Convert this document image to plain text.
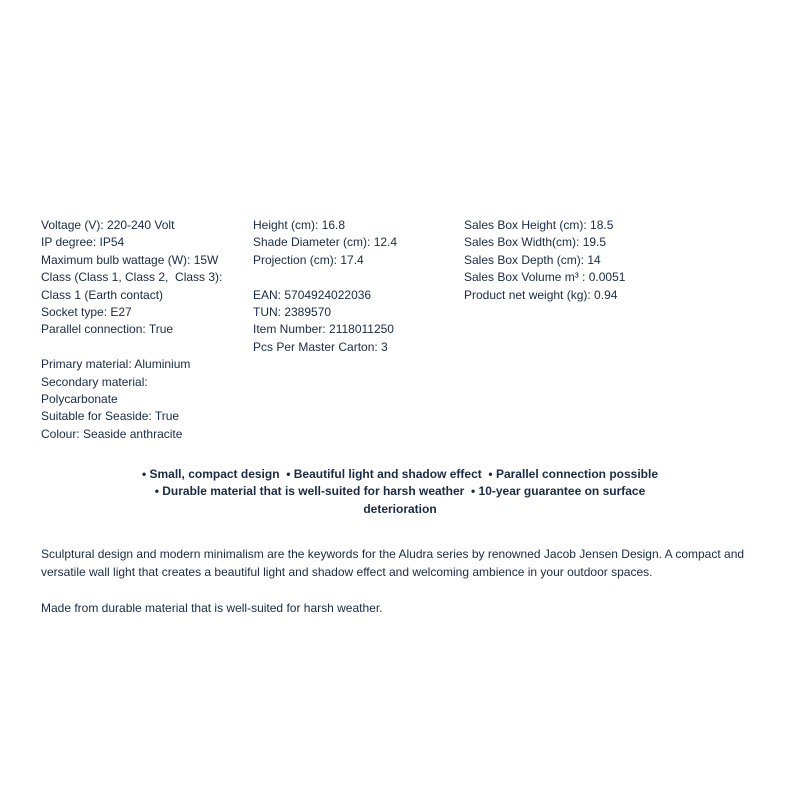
Voltage (V): 220-240 Volt
IP degree: IP54
Maximum bulb wattage (W): 15W
Class (Class 1, Class 2,  Class 3):
Class 1 (Earth contact)
Socket type: E27
Parallel connection: True
Primary material: Aluminium
Secondary material:
Polycarbonate
Suitable for Seaside: True
Colour: Seaside anthracite
Height (cm): 16.8
Shade Diameter (cm): 12.4
Projection (cm): 17.4
EAN: 5704924022036
TUN: 2389570
Item Number: 2118011250
Pcs Per Master Carton: 3
Sales Box Height (cm): 18.5
Sales Box Width(cm): 19.5
Sales Box Depth (cm): 14
Sales Box Volume m³ : 0.0051
Product net weight (kg): 0.94
• Small, compact design  • Beautiful light and shadow effect  • Parallel connection possible
• Durable material that is well-suited for harsh weather  • 10-year guarantee on surface
deterioration

Sculptural design and modern minimalism are the keywords for the Aludra series by renowned Jacob Jensen Design. A compact and versatile wall light that creates a beautiful light and shadow effect and welcoming ambience in your outdoor spaces.

Made from durable material that is well-suited for harsh weather.
